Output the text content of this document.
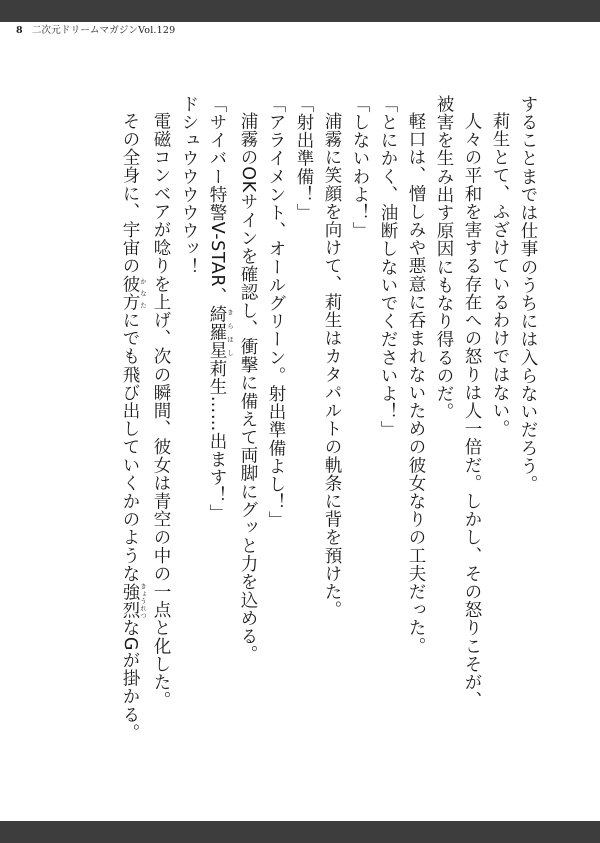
8 二次元ドリームマガジンVol.129
することまでは仕事のうちには入らないだろう。
莉生とて、ふざけているわけではない。
人々の平和を害する存在への怒りは人一倍だ。しかし、その怒りこそが、
被害を生み出す原因にもなり得るのだ。
軽口は、憎しみや悪意に呑まれないための彼女なりの工夫だった。
「とにかく、油断しないでくださいよ！」
「しないわよ！」
浦霧に笑顔を向けて、莉生はカタパルトの軌条に背を預けた。
「射出準備！」
「アライメント、オールグリーン。射出準備よし！」
浦霧のOKサインを確認し、衝撃に備えて両脚にグッと力を込める。
「サイバー特警V-STAR、綺羅星 きらほし莉生……出ます！」
ドシュウウウウウッ！
電磁コンベアが唸りを上げ、次の瞬間、彼女は青空の中の一点と化した。
その全身に、宇宙の彼方 かなたにでも飛び出していくかのような強烈 きょうれつなGが掛かる。
